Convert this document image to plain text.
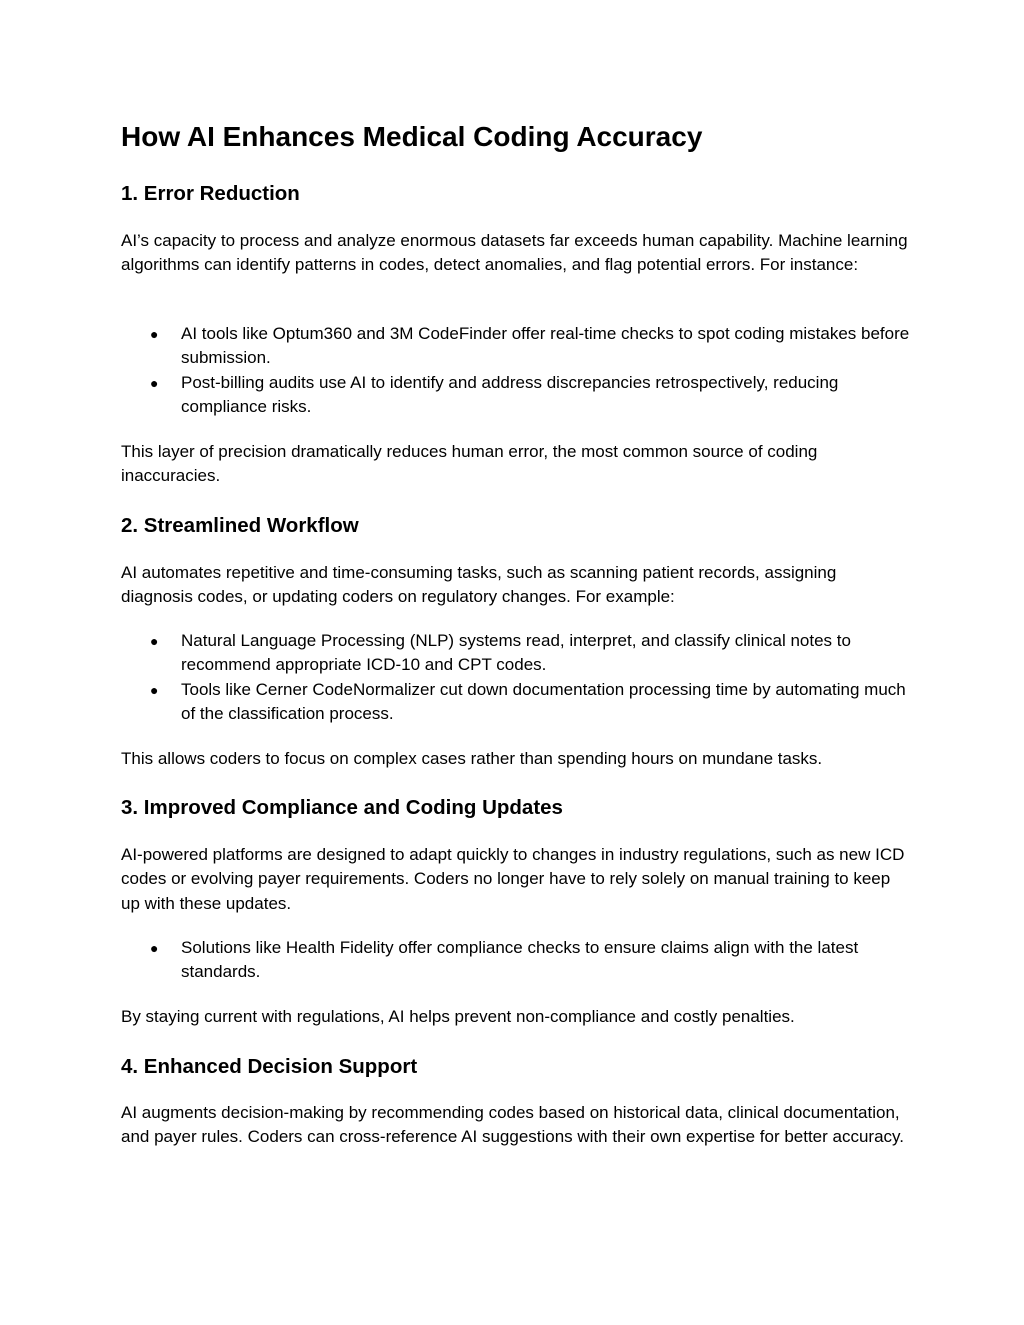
How AI Enhances Medical Coding Accuracy
1. Error Reduction

AI’s capacity to process and analyze enormous datasets far exceeds human capability. Machine learning algorithms can identify patterns in codes, detect anomalies, and flag potential errors. For instance:

● AI tools like Optum360 and 3M CodeFinder offer real-time checks to spot coding mistakes before submission.
● Post-billing audits use AI to identify and address discrepancies retrospectively, reducing compliance risks.

This layer of precision dramatically reduces human error, the most common source of coding inaccuracies.

2. Streamlined Workflow

AI automates repetitive and time-consuming tasks, such as scanning patient records, assigning diagnosis codes, or updating coders on regulatory changes. For example:

● Natural Language Processing (NLP) systems read, interpret, and classify clinical notes to recommend appropriate ICD-10 and CPT codes.
● Tools like Cerner CodeNormalizer cut down documentation processing time by automating much of the classification process.

This allows coders to focus on complex cases rather than spending hours on mundane tasks.

3. Improved Compliance and Coding Updates

AI-powered platforms are designed to adapt quickly to changes in industry regulations, such as new ICD codes or evolving payer requirements. Coders no longer have to rely solely on manual training to keep up with these updates.

● Solutions like Health Fidelity offer compliance checks to ensure claims align with the latest standards.

By staying current with regulations, AI helps prevent non-compliance and costly penalties.

4. Enhanced Decision Support

AI augments decision-making by recommending codes based on historical data, clinical documentation, and payer rules. Coders can cross-reference AI suggestions with their own expertise for better accuracy.
